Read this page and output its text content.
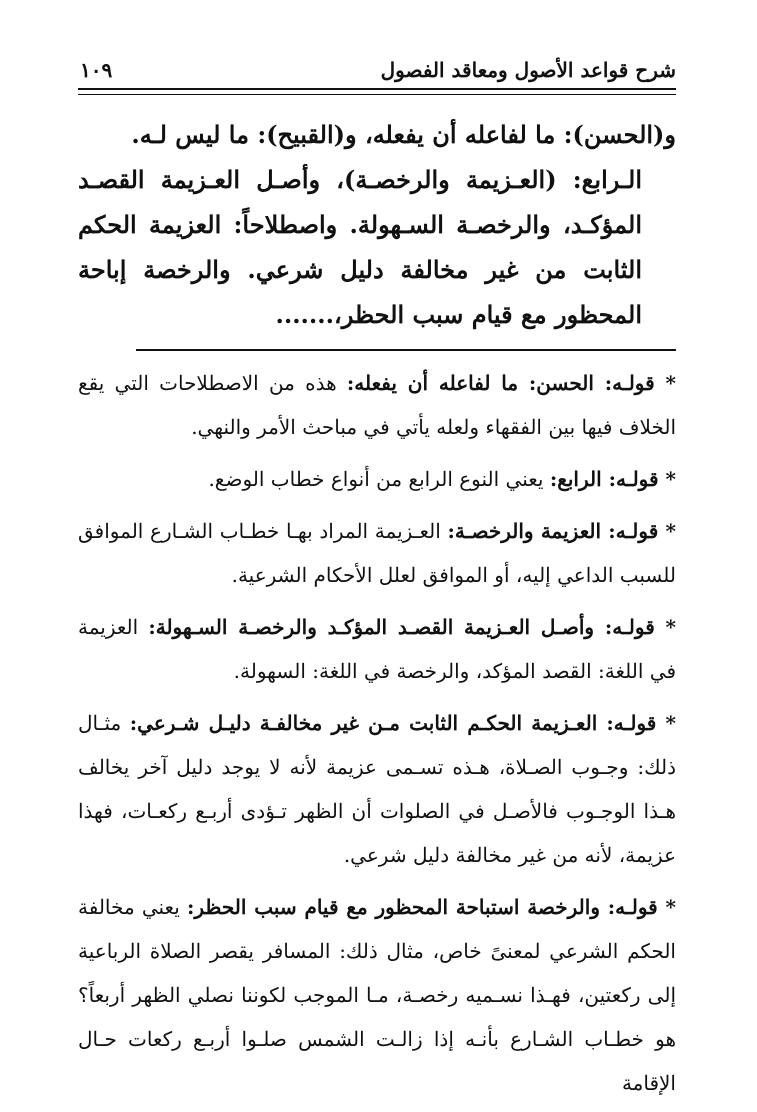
شرح قواعد الأصول ومعاقد الفصول
١٠٩

و(الحسن): ما لفاعله أن يفعله، و(القبيح): ما ليس لـه.

الـرابع: (العـزيمة والرخصـة)، وأصـل العـزيمة القصـد المؤكـد، والرخصـة السـهولة. واصطلاحاً: العزيمة الحكم الثابت من غير مخالفة دليل شرعي. والرخصة إباحة المحظور مع قيام سبب الحظر،.......

* قولـه: الحسن: ما لفاعله أن يفعله: هذه من الاصطلاحات التي يقع الخلاف فيها بين الفقهاء ولعله يأتي في مباحث الأمر والنهي.

* قولـه: الرابع: يعني النوع الرابع من أنواع خطاب الوضع.

* قولـه: العزيمة والرخصـة: العـزيمة المراد بهـا خطـاب الشـارع الموافق للسبب الداعي إليه، أو الموافق لعلل الأحكام الشرعية.

* قولـه: وأصـل العـزيمة القصـد المؤكـد والرخصـة السـهولة: العزيمة في اللغة: القصد المؤكد، والرخصة في اللغة: السهولة.

* قولـه: العـزيمة الحكـم الثابت مـن غير مخالفـة دليـل شـرعي: مثـال ذلك: وجـوب الصـلاة، هـذه تسـمى عزيمة لأنه لا يوجد دليل آخر يخالف هـذا الوجـوب فالأصـل في الصلوات أن الظهر تـؤدى أربـع ركعـات، فهذا عزيمة، لأنه من غير مخالفة دليل شرعي.

* قولـه: والرخصة استباحة المحظور مع قيام سبب الحظر: يعني مخالفة الحكم الشرعي لمعنىً خاص، مثال ذلك: المسافر يقصر الصلاة الرباعية إلى ركعتين، فهـذا نسـميه رخصـة، مـا الموجب لكوننا نصلي الظهر أربعاً؟ هو خطـاب الشـارع بأنـه إذا زالـت الشمس صلـوا أربـع ركعات حـال الإقامة
